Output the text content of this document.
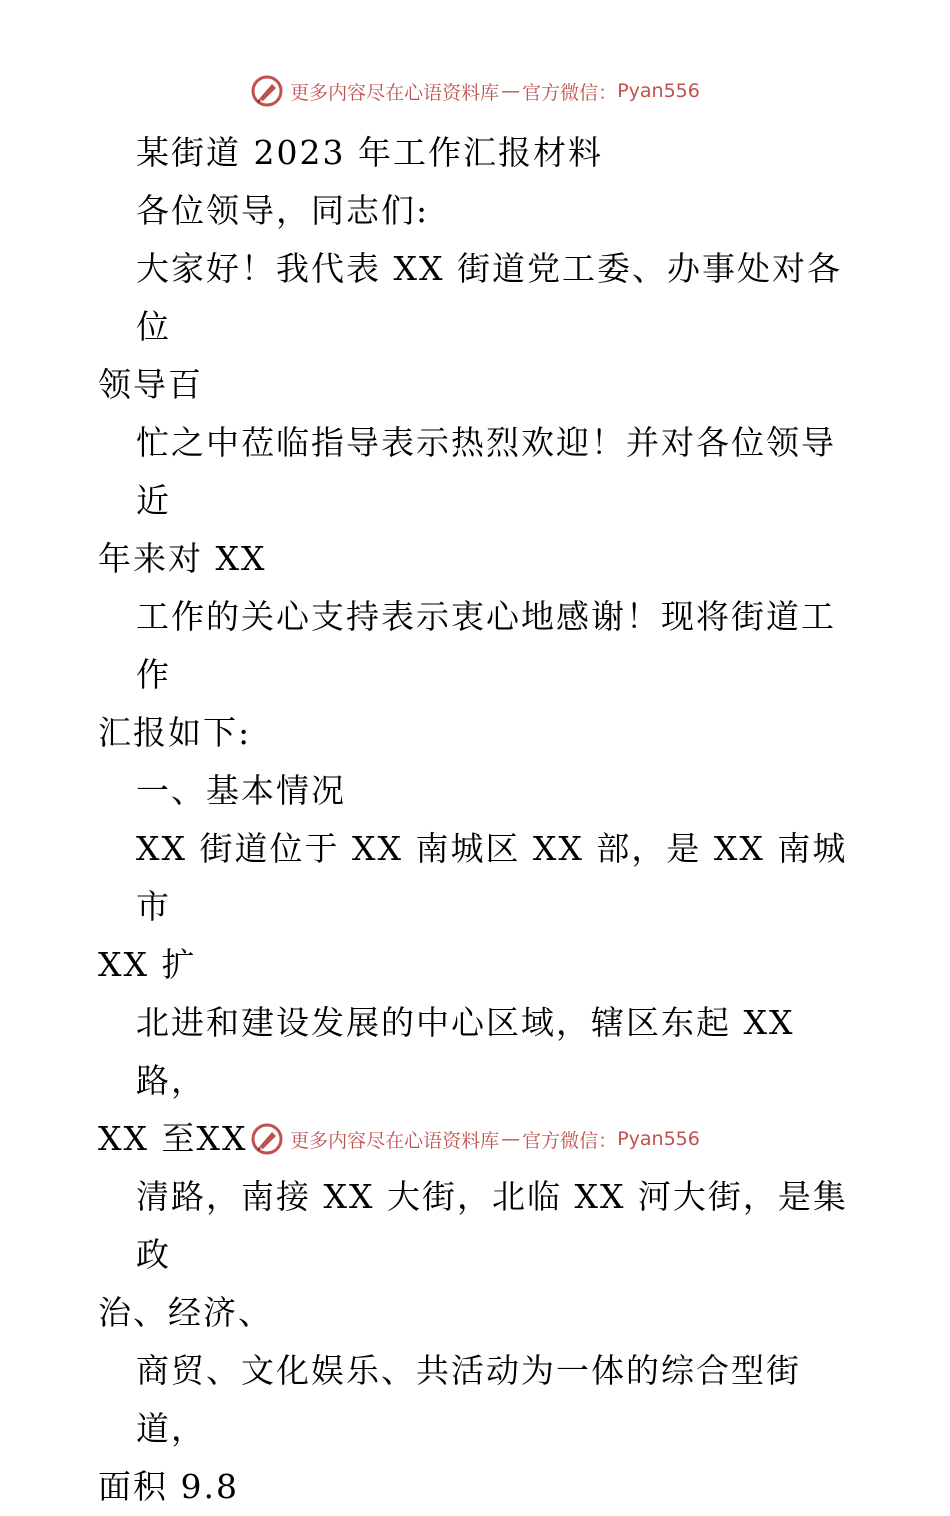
更多内容尽在心语资料库 — 官方微信： Pyan556

某街道 2023 年工作汇报材料

各位领导，同志们:

大家好！我代表 XX 街道党工委、办事处对各位

领导百

忙之中莅临指导表示热烈欢迎！并对各位领导近

年来对 XX

工作的关心支持表示衷心地感谢！现将街道工作

汇报如下:

一、基本情况

XX 街道位于 XX 南城区 XX 部，是 XX 南城市

XX 扩

北进和建设发展的中心区域，辖区东起 XX 路，

XX 至XX

清路，南接 XX 大街，北临 XX 河大街，是集政

治、经济、

商贸、文化娱乐、共活动为一体的综合型街道，

面积 9.8

更多内容尽在心语资料库 — 官方微信： Pyan556
